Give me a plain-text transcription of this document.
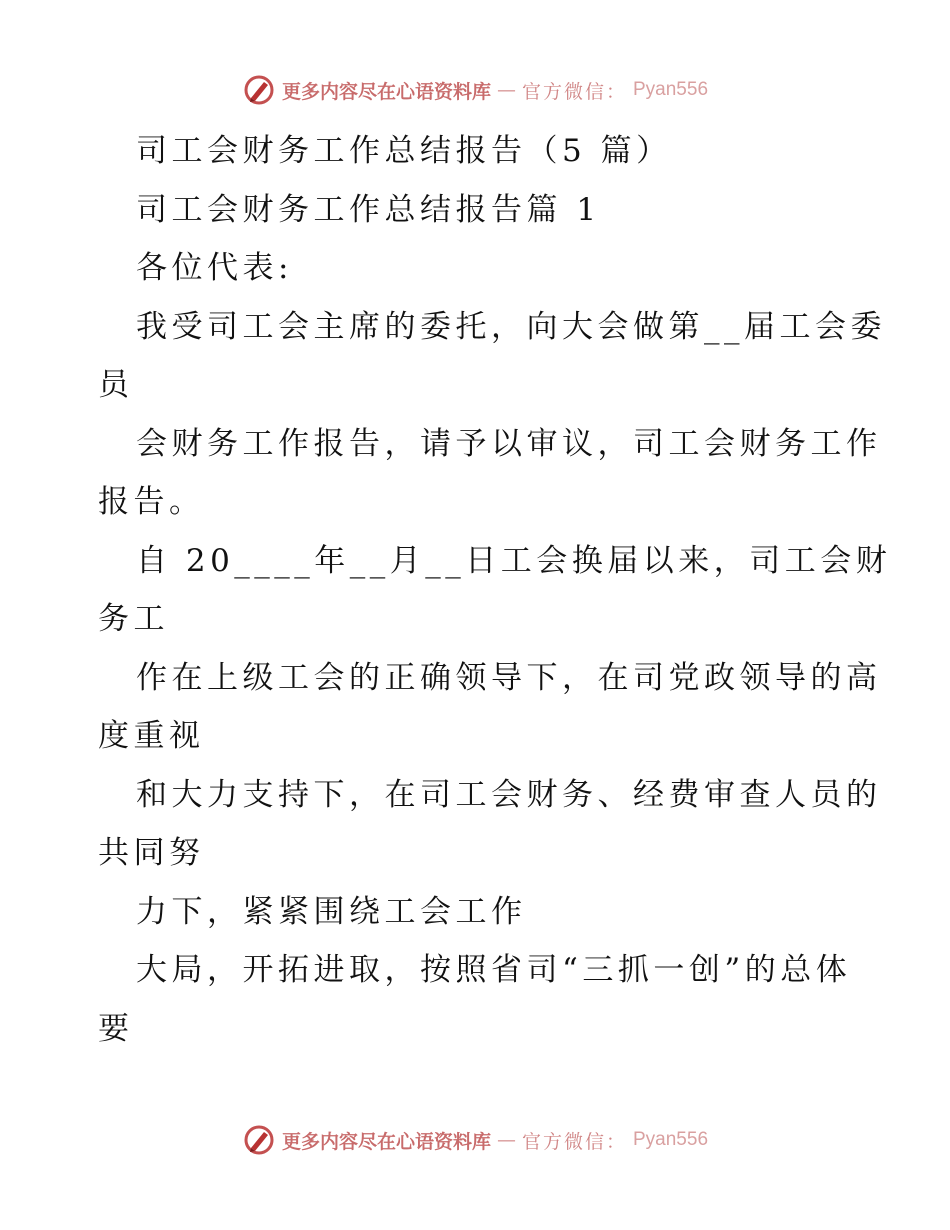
更多内容尽在心语资料库 — 官方微信： Pyan556
司工会财务工作总结报告（5 篇）
司工会财务工作总结报告篇 1
各位代表:
我受司工会主席的委托，向大会做第__届工会委
员
会财务工作报告，请予以审议，司工会财务工作
报告。
自 20____年__月__日工会换届以来，司工会财
务工
作在上级工会的正确领导下，在司党政领导的高
度重视
和大力支持下，在司工会财务、经费审查人员的
共同努
力下，紧紧围绕工会工作
大局，开拓进取，按照省司“三抓一创”的总体
要
更多内容尽在心语资料库 — 官方微信： Pyan556
